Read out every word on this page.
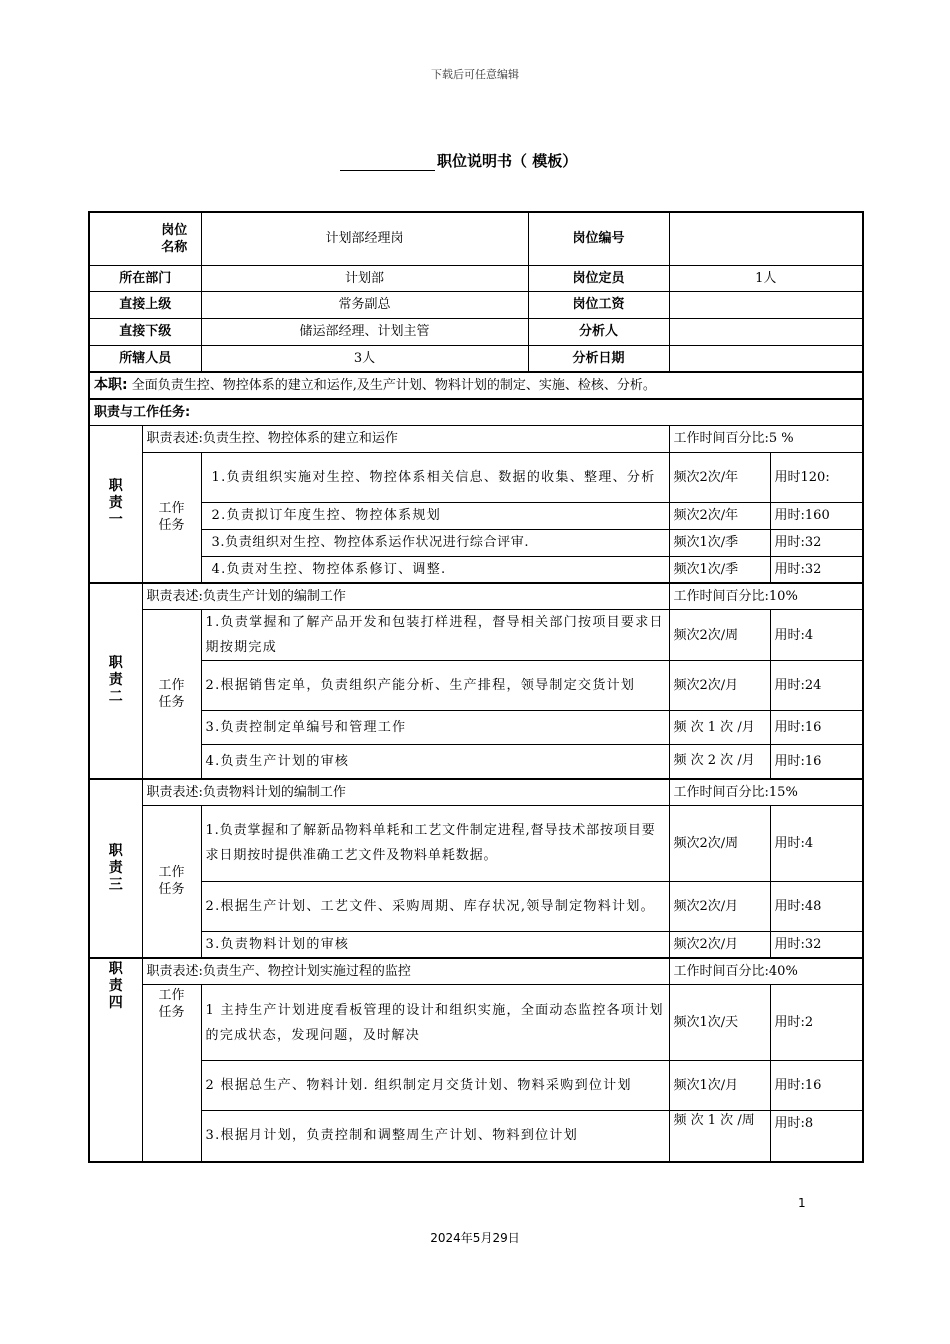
下载后可任意编辑
职位说明书（ 模板）
岗位名称		计划部经理岗	岗位编号		
所在部门		计划部	岗位定员	1人	
直接上级		常务副总	岗位工资		
直接下级		储运部经理、计划主管	分析人		
所辖人员		3人	分析日期		
本职: 全面负责生控、物控体系的建立和运作,及生产计划、物料计划的制定、实施、检核、分析。					
职责与工作任务:					

职责一	职责表述:负责生控、物控体系的建立和运作			工作时间百分比:5 %	

	工作任务	1.负责组织实施对生控、物控体系相关信息、数据的收集、整理、分析		频次2次/年	用时120:
		2.负责拟订年度生控、物控体系规划		频次2次/年	用时:160
		3.负责组织对生控、物控体系运作状况进行综合评审.		频次1次/季	用时:32
		4.负责对生控、物控体系修订、调整.		频次1次/季	用时:32

职责二	职责表述:负责生产计划的编制工作			工作时间百分比:10%	

	工作任务	1.负责掌握和了解产品开发和包装打样进程，督导相关部门按项目要求日期按期完成		频次2次/周	用时:4
		2.根据销售定单，负责组织产能分析、生产排程，领导制定交货计划		频次2次/月	用时:24
		3.负责控制定单编号和管理工作		频 次 1 次 /月	用时:16
		4.负责生产计划的审核		频 次 2 次 /月	用时:16

职责三	职责表述:负责物料计划的编制工作			工作时间百分比:15%	

	工作任务	1.负责掌握和了解新品物料单耗和工艺文件制定进程,督导技术部按项目要求日期按时提供准确工艺文件及物料单耗数据。		频次2次/周	用时:4
		2.根据生产计划、工艺文件、采购周期、库存状况,领导制定物料计划。		频次2次/月	用时:48
		3.负责物料计划的审核		频次2次/月	用时:32

职责四	职责表述:负责生产、物控计划实施过程的监控			工作时间百分比:40%	

	工作任务	1 主持生产计划进度看板管理的设计和组织实施，全面动态监控各项计划的完成状态，发现问题，及时解决		频次1次/天	用时:2
		2 根据总生产、物料计划. 组织制定月交货计划、物料采购到位计划		频次1次/月	用时:16
		3.根据月计划，负责控制和调整周生产计划、物料到位计划		频 次 1 次 /周	用时:8
1
2024年5月29日
